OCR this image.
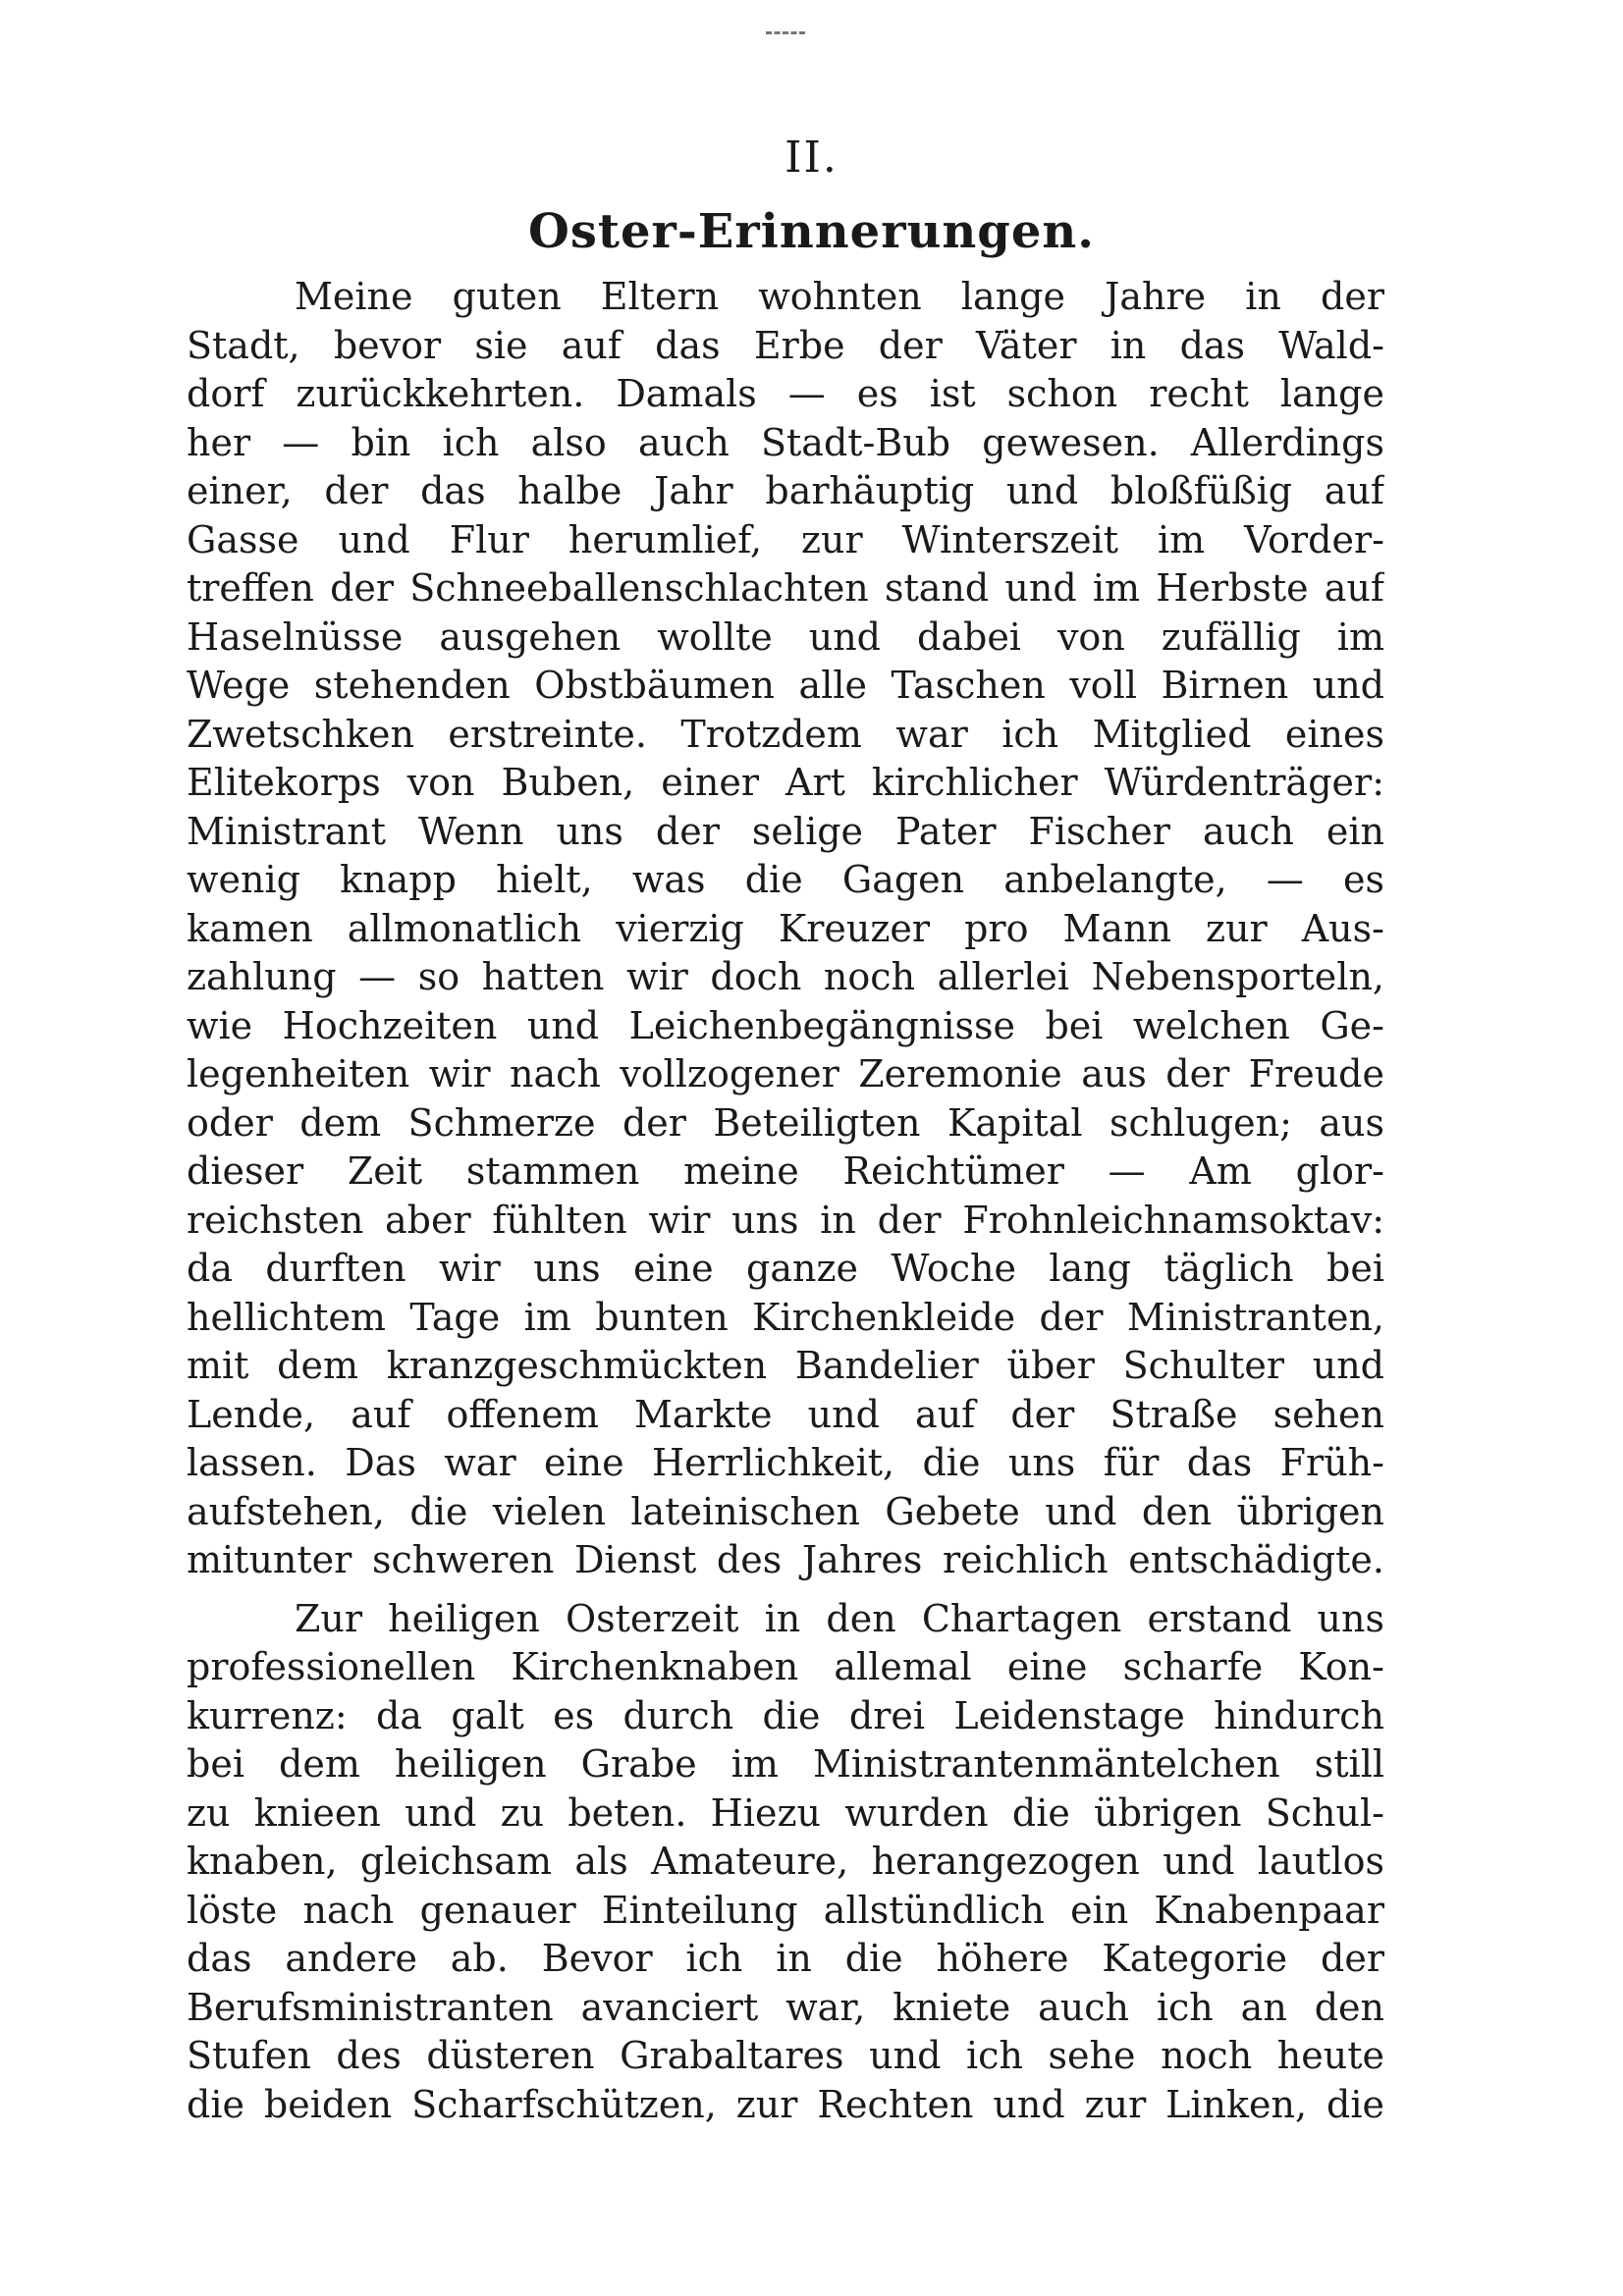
II.
Oster-Erinnerungen.
Meine guten Eltern wohnten lange Jahre in der
Stadt, bevor sie auf das Erbe der Väter in das Wald-
dorf zurückkehrten. Damals — es ist schon recht lange
her — bin ich also auch Stadt-Bub gewesen. Allerdings
einer, der das halbe Jahr barhäuptig und bloßfüßig auf
Gasse und Flur herumlief, zur Winterszeit im Vorder-
treffen der Schneeballenschlachten stand und im Herbste auf
Haselnüsse ausgehen wollte und dabei von zufällig im
Wege stehenden Obstbäumen alle Taschen voll Birnen und
Zwetschken erstreinte. Trotzdem war ich Mitglied eines
Elitekorps von Buben, einer Art kirchlicher Würdenträger:
Ministrant Wenn uns der selige Pater Fischer auch ein
wenig knapp hielt, was die Gagen anbelangte, — es
kamen allmonatlich vierzig Kreuzer pro Mann zur Aus-
zahlung — so hatten wir doch noch allerlei Nebensporteln,
wie Hochzeiten und Leichenbegängnisse bei welchen Ge-
legenheiten wir nach vollzogener Zeremonie aus der Freude
oder dem Schmerze der Beteiligten Kapital schlugen; aus
dieser Zeit stammen meine Reichtümer — Am glor-
reichsten aber fühlten wir uns in der Frohnleichnamsoktav:
da durften wir uns eine ganze Woche lang täglich bei
hellichtem Tage im bunten Kirchenkleide der Ministranten,
mit dem kranzgeschmückten Bandelier über Schulter und
Lende, auf offenem Markte und auf der Straße sehen
lassen. Das war eine Herrlichkeit, die uns für das Früh-
aufstehen, die vielen lateinischen Gebete und den übrigen
mitunter schweren Dienst des Jahres reichlich entschädigte.
Zur heiligen Osterzeit in den Chartagen erstand uns
professionellen Kirchenknaben allemal eine scharfe Kon-
kurrenz: da galt es durch die drei Leidenstage hindurch
bei dem heiligen Grabe im Ministrantenmäntelchen still
zu knieen und zu beten. Hiezu wurden die übrigen Schul-
knaben, gleichsam als Amateure, herangezogen und lautlos
löste nach genauer Einteilung allstündlich ein Knabenpaar
das andere ab. Bevor ich in die höhere Kategorie der
Berufsministranten avanciert war, kniete auch ich an den
Stufen des düsteren Grabaltares und ich sehe noch heute
die beiden Scharfschützen, zur Rechten und zur Linken, die
